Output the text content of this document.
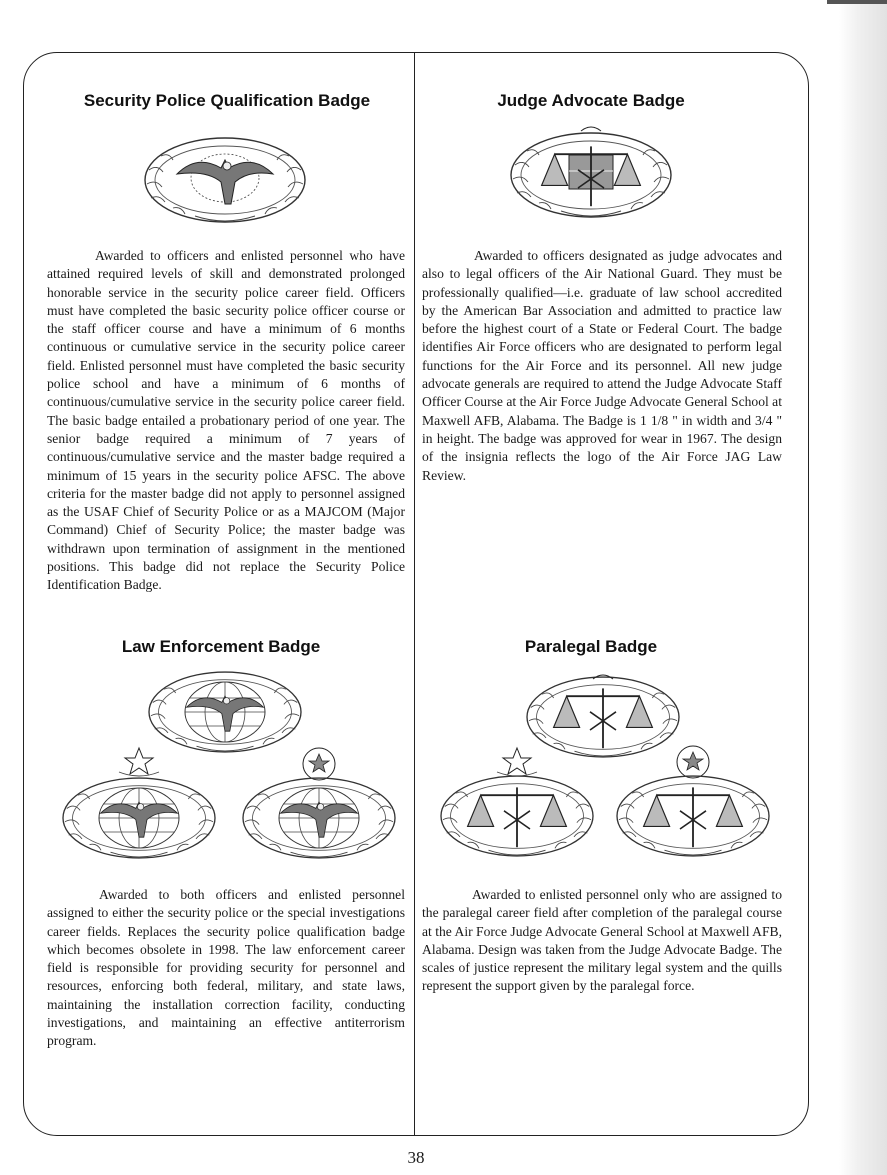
Security Police Qualification Badge

Awarded to officers and enlisted personnel who have attained required levels of skill and demonstrated prolonged honorable service in the security police career field. Officers must have completed the basic security police officer course or the staff officer course and have a minimum of 6 months continuous or cumulative service in the security police career field. Enlisted personnel must have completed the basic security police school and have a minimum of 6 months of continuous/cumulative service in the security police career field. The basic badge entailed a probationary period of one year. The senior badge required a minimum of 7 years of continuous/cumulative service and the master badge required a minimum of 15 years in the security police AFSC. The above criteria for the master badge did not apply to personnel assigned as the USAF Chief of Security Police or as a MAJCOM (Major Command) Chief of Security Police; the master badge was withdrawn upon termination of assignment in the mentioned positions. This badge did not replace the Security Police Identification Badge.

Judge Advocate Badge

Awarded to officers designated as judge advocates and also to legal officers of the Air National Guard. They must be professionally qualified—i.e. graduate of law school accredited by the American Bar Association and admitted to practice law before the highest court of a State or Federal Court. The badge identifies Air Force officers who are designated to perform legal functions for the Air Force and its personnel. All new judge advocate generals are required to attend the Judge Advocate Staff Officer Course at the Air Force Judge Advocate General School at Maxwell AFB, Alabama. The Badge is 1 1/8 " in width and 3/4 " in height. The badge was approved for wear in 1967. The design of the insignia reflects the logo of the Air Force JAG Law Review.

Law Enforcement Badge

Awarded to both officers and enlisted personnel assigned to either the security police or the special investigations career fields. Replaces the security police qualification badge which becomes obsolete in 1998. The law enforcement career field is responsible for providing security for personnel and resources, enforcing both federal, military, and state laws, maintaining the installation correction facility, conducting investigations, and maintaining an effective antiterrorism program.

Paralegal Badge

Awarded to enlisted personnel only who are assigned to the paralegal career field after completion of the paralegal course at the Air Force Judge Advocate General School at Maxwell AFB, Alabama. Design was taken from the Judge Advocate Badge. The scales of justice represent the military legal system and the quills represent the support given by the paralegal force.

38
